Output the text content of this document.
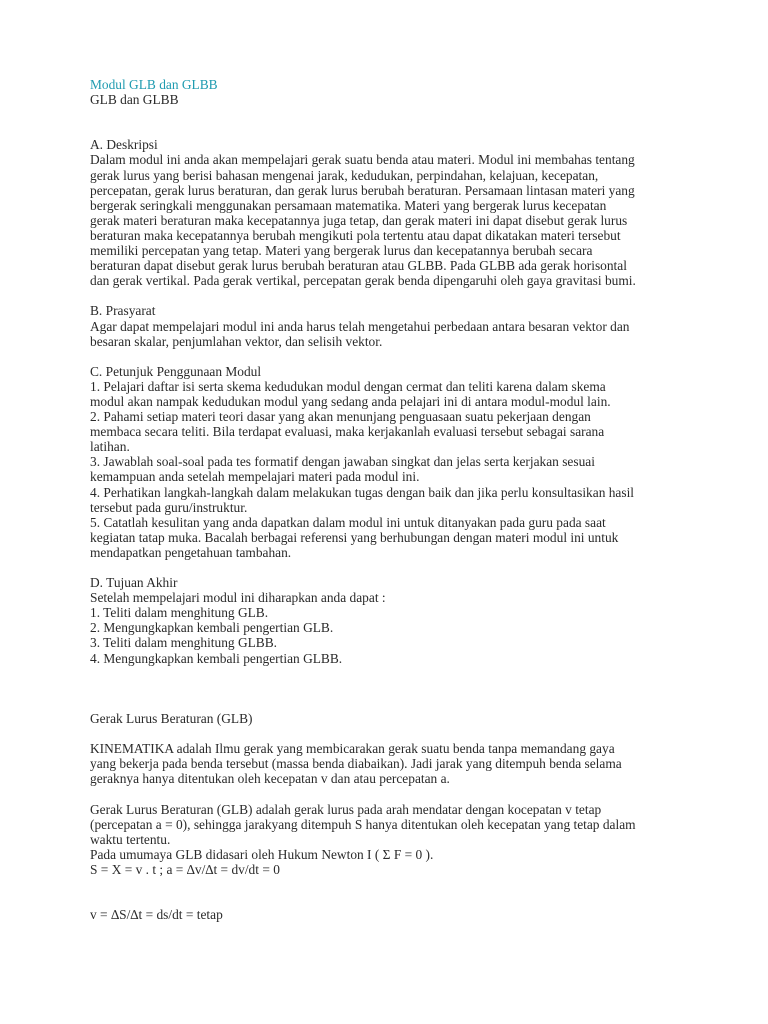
Modul GLB dan GLBB
GLB dan GLBB
A. Deskripsi
Dalam modul ini anda akan mempelajari gerak suatu benda atau materi. Modul ini membahas tentang
gerak lurus yang berisi bahasan mengenai jarak, kedudukan, perpindahan, kelajuan, kecepatan,
percepatan, gerak lurus beraturan, dan gerak lurus berubah beraturan. Persamaan lintasan materi yang
bergerak seringkali menggunakan persamaan matematika. Materi yang bergerak lurus kecepatan
gerak materi beraturan maka kecepatannya juga tetap, dan gerak materi ini dapat disebut gerak lurus
beraturan maka kecepatannya berubah mengikuti pola tertentu atau dapat dikatakan materi tersebut
memiliki percepatan yang tetap. Materi yang bergerak lurus dan kecepatannya berubah secara
beraturan dapat disebut gerak lurus berubah beraturan atau GLBB. Pada GLBB ada gerak horisontal
dan gerak vertikal. Pada gerak vertikal, percepatan gerak benda dipengaruhi oleh gaya gravitasi bumi.
B. Prasyarat
Agar dapat mempelajari modul ini anda harus telah mengetahui perbedaan antara besaran vektor dan
besaran skalar, penjumlahan vektor, dan selisih vektor.
C. Petunjuk Penggunaan Modul
1. Pelajari daftar isi serta skema kedudukan modul dengan cermat dan teliti karena dalam skema
modul akan nampak kedudukan modul yang sedang anda pelajari ini di antara modul-modul lain.
2. Pahami setiap materi teori dasar yang akan menunjang penguasaan suatu pekerjaan dengan
membaca secara teliti. Bila terdapat evaluasi, maka kerjakanlah evaluasi tersebut sebagai sarana
latihan.
3. Jawablah soal-soal pada tes formatif dengan jawaban singkat dan jelas serta kerjakan sesuai
kemampuan anda setelah mempelajari materi pada modul ini.
4. Perhatikan langkah-langkah dalam melakukan tugas dengan baik dan jika perlu konsultasikan hasil
tersebut pada guru/instruktur.
5. Catatlah kesulitan yang anda dapatkan dalam modul ini untuk ditanyakan pada guru pada saat
kegiatan tatap muka. Bacalah berbagai referensi yang berhubungan dengan materi modul ini untuk
mendapatkan pengetahuan tambahan.
D. Tujuan Akhir
Setelah mempelajari modul ini diharapkan anda dapat :
1. Teliti dalam menghitung GLB.
2. Mengungkapkan kembali pengertian GLB.
3. Teliti dalam menghitung GLBB.
4. Mengungkapkan kembali pengertian GLBB.
Gerak Lurus Beraturan (GLB)
KINEMATIKA adalah Ilmu gerak yang membicarakan gerak suatu benda tanpa memandang gaya
yang bekerja pada benda tersebut (massa benda diabaikan). Jadi jarak yang ditempuh benda selama
geraknya hanya ditentukan oleh kecepatan v dan atau percepatan a.
Gerak Lurus Beraturan (GLB) adalah gerak lurus pada arah mendatar dengan kocepatan v tetap
(percepatan a = 0), sehingga jarakyang ditempuh S hanya ditentukan oleh kecepatan yang tetap dalam
waktu tertentu.
Pada umumaya GLB didasari oleh Hukum Newton I ( Σ F = 0 ).
S = X = v . t ; a = ∆v/∆t = dv/dt = 0
v = ∆S/∆t = ds/dt = tetap
